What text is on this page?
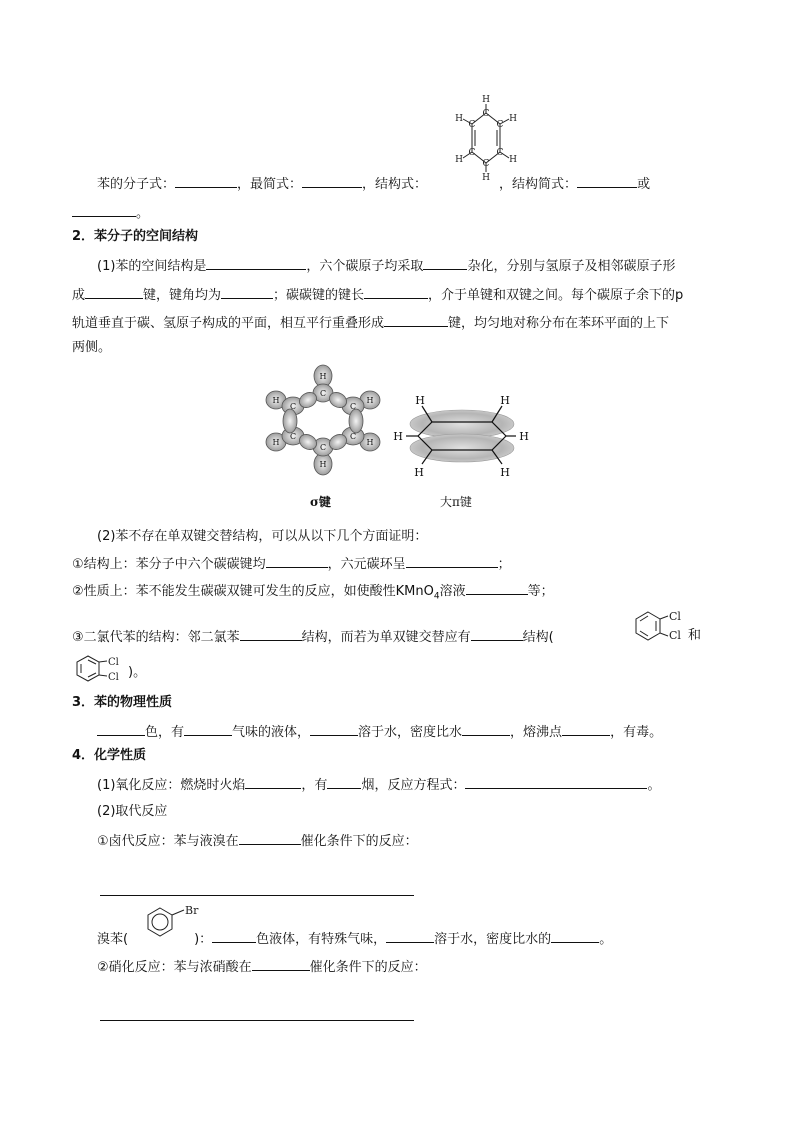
H
C
H
C C
H
C C
H	H
C
H
苯的分子式：	，最简式：	，结构式：	，结构简式：	或
。
2．苯分子的空间结构
(1)苯的空间结构是	，六个碳原子均采取	杂化，分别与氢原子及相邻碳原子形
成	键，键角均为	；碳碳键的键长	，介于单键和双键之间。每个碳原子余下的p
轨道垂直于碳、氢原子构成的平面，相互平行重叠形成	键，均匀地对称分布在苯环平面的上下
两侧。
H
H
H	H
H	H
C
C
C	C
C	C
σ键
H	H
H	H
H	H
大π键
(2)苯不存在单双键交替结构，可以从以下几个方面证明：
①结构上：苯分子中六个碳碳键均	，六元碳环呈	；
②性质上：苯不能发生碳碳双键可发生的反应，如使酸性KMnO$_4$溶液	等；
③二氯代苯的结构：邻二氯苯	结构，而若为单双键交替应有	结构(
Cl
Cl 和
Cl
Cl )。
3．苯的物理性质
色，有	气味的液体，	溶于水，密度比水	，熔沸点	，有毒。
4．化学性质
(1)氧化反应：燃烧时火焰	，有	烟，反应方程式：	。
(2)取代反应
①卤代反应：苯与液溴在	催化条件下的反应：
Br
溴苯(	)：	色液体，有特殊气味，	溶于水，密度比水的	。
②硝化反应：苯与浓硝酸在	催化条件下的反应：
